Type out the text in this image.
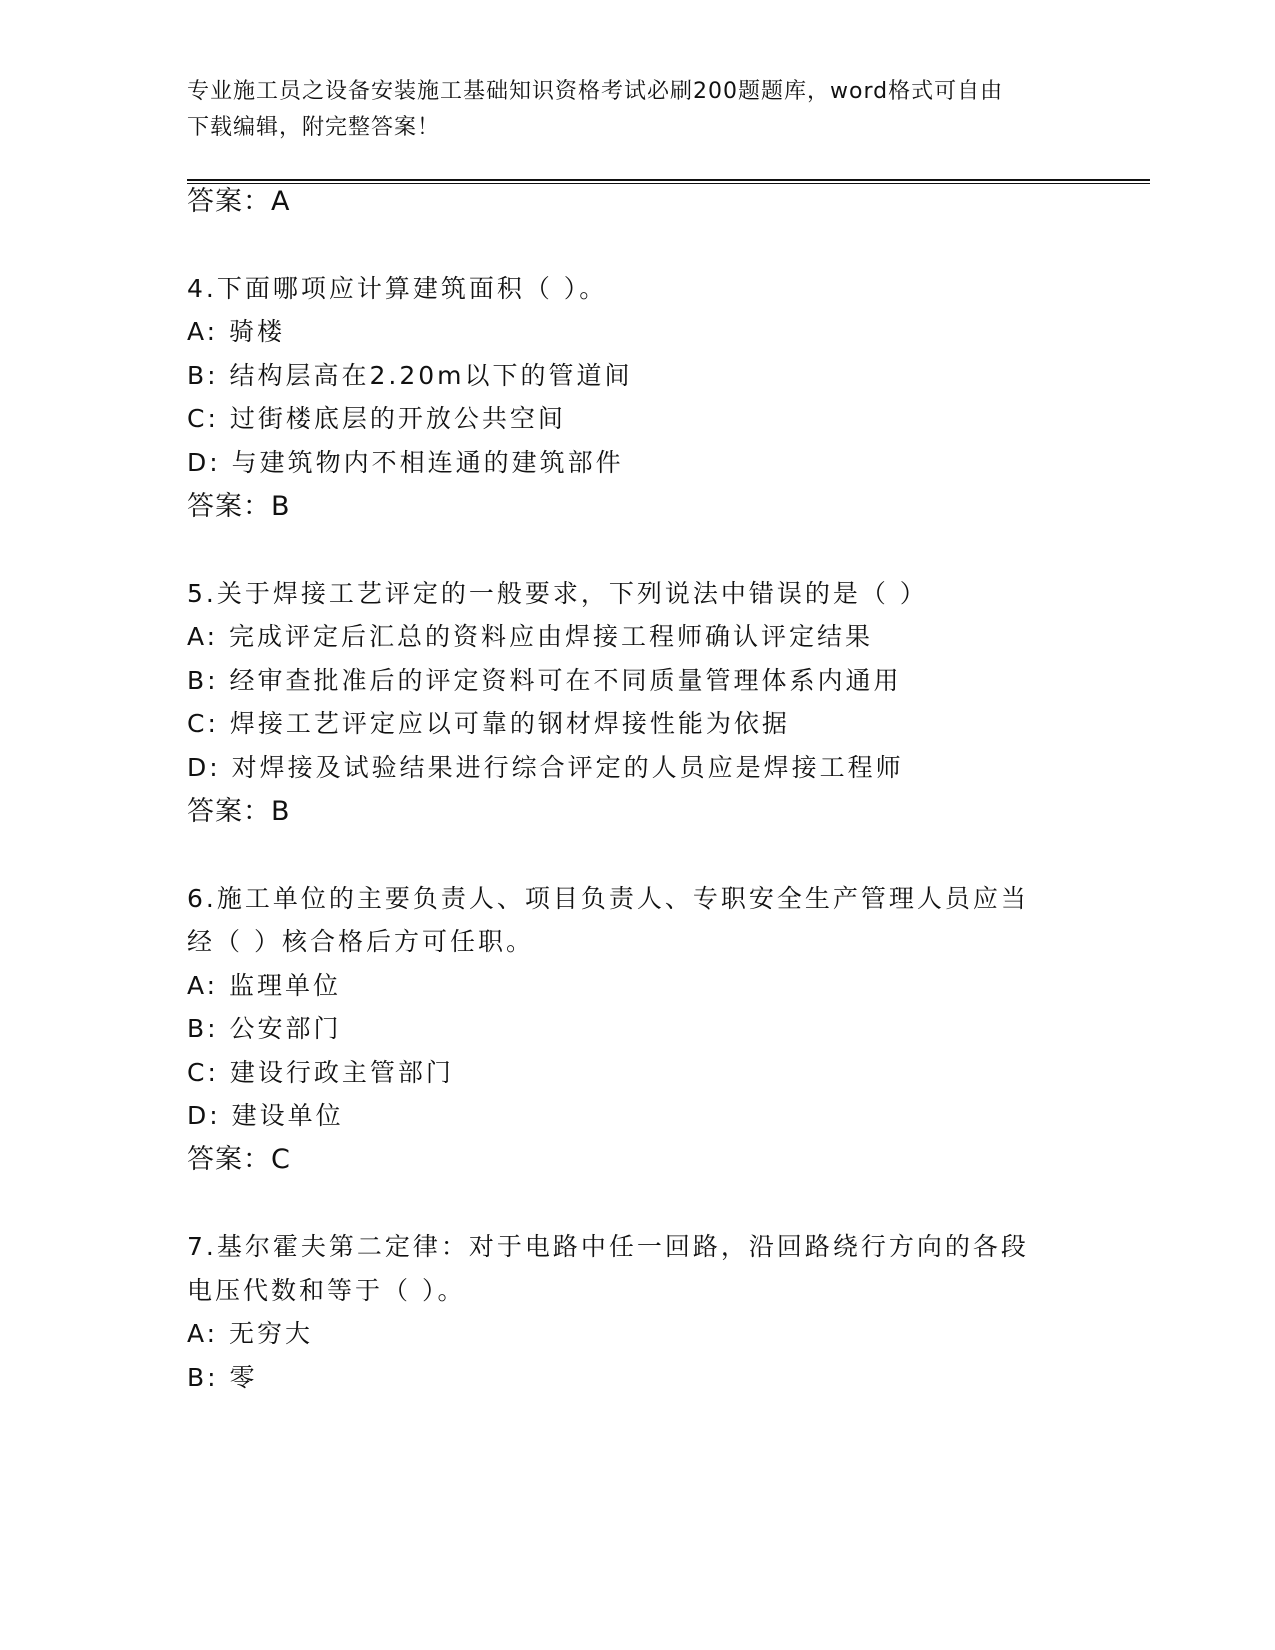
专业施工员之设备安装施工基础知识资格考试必刷200题题库，word格式可自由
下载编辑，附完整答案！
答案：A
4.下面哪项应计算建筑面积（ ）。
A: 骑楼
B: 结构层高在2.20m以下的管道间
C: 过街楼底层的开放公共空间
D: 与建筑物内不相连通的建筑部件
答案：B
5.关于焊接工艺评定的一般要求，下列说法中错误的是（ ）
A: 完成评定后汇总的资料应由焊接工程师确认评定结果
B: 经审查批准后的评定资料可在不同质量管理体系内通用
C: 焊接工艺评定应以可靠的钢材焊接性能为依据
D: 对焊接及试验结果进行综合评定的人员应是焊接工程师
答案：B
6.施工单位的主要负责人、项目负责人、专职安全生产管理人员应当
经（ ）核合格后方可任职。
A: 监理单位
B: 公安部门
C: 建设行政主管部门
D: 建设单位
答案：C
7.基尔霍夫第二定律：对于电路中任一回路，沿回路绕行方向的各段
电压代数和等于（ ）。
A: 无穷大
B: 零
